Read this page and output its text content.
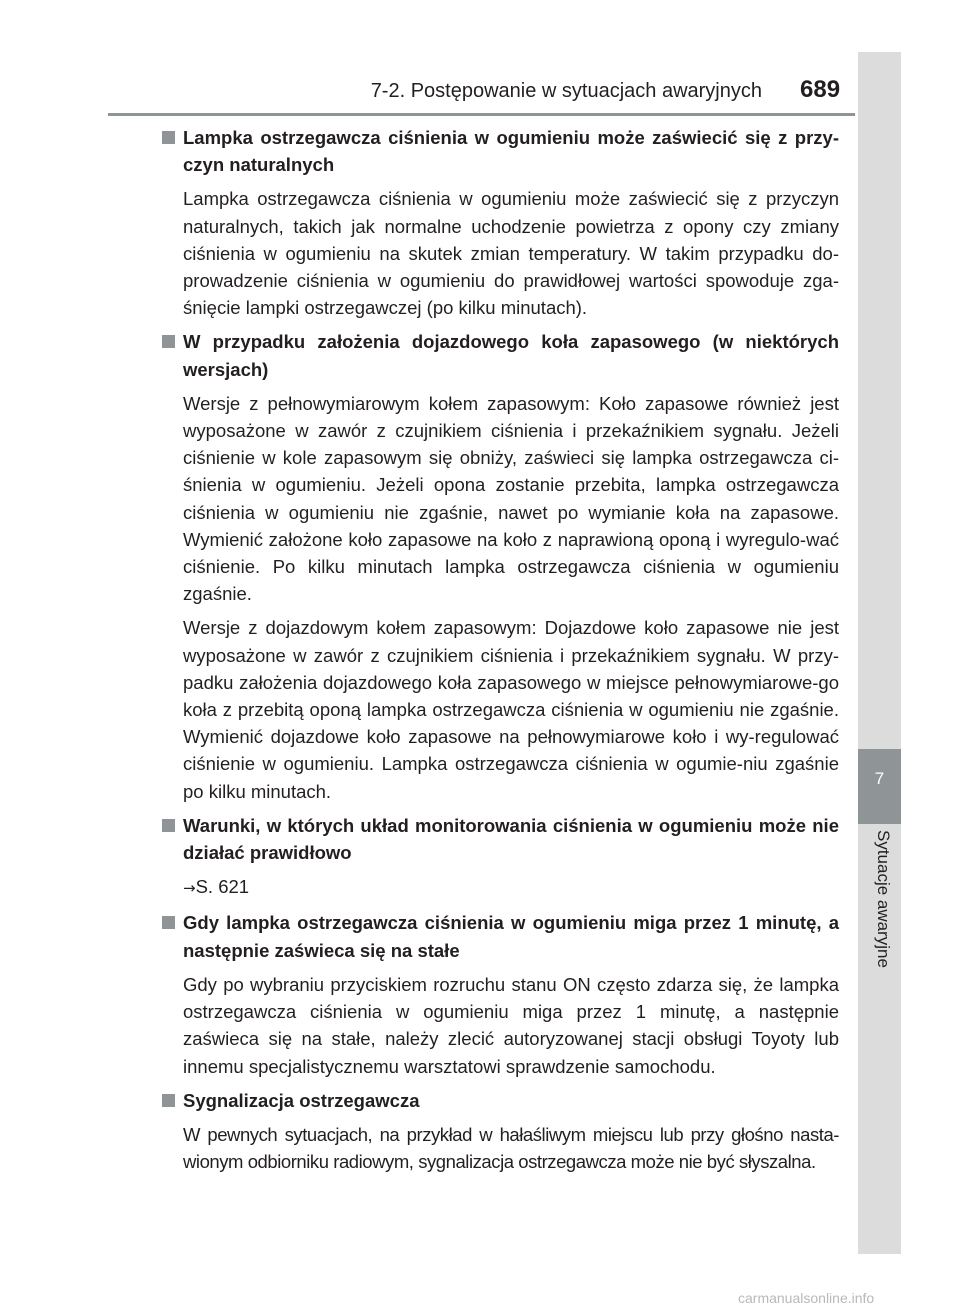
7-2. Postępowanie w sytuacjach awaryjnych 689
7
Sytuacje awaryjne
Lampka ostrzegawcza ciśnienia w ogumieniu może zaświecić się z przy-czyn naturalnych
Lampka ostrzegawcza ciśnienia w ogumieniu może zaświecić się z przyczyn naturalnych, takich jak normalne uchodzenie powietrza z opony czy zmiany ciśnienia w ogumieniu na skutek zmian temperatury. W takim przypadku do-prowadzenie ciśnienia w ogumieniu do prawidłowej wartości spowoduje zga-śnięcie lampki ostrzegawczej (po kilku minutach).
W przypadku założenia dojazdowego koła zapasowego (w niektórych wersjach)
Wersje z pełnowymiarowym kołem zapasowym: Koło zapasowe również jest wyposażone w zawór z czujnikiem ciśnienia i przekaźnikiem sygnału. Jeżeli ciśnienie w kole zapasowym się obniży, zaświeci się lampka ostrzegawcza ci-śnienia w ogumieniu. Jeżeli opona zostanie przebita, lampka ostrzegawcza ciśnienia w ogumieniu nie zgaśnie, nawet po wymianie koła na zapasowe. Wymienić założone koło zapasowe na koło z naprawioną oponą i wyregulo-wać ciśnienie. Po kilku minutach lampka ostrzegawcza ciśnienia w ogumieniu zgaśnie.
Wersje z dojazdowym kołem zapasowym: Dojazdowe koło zapasowe nie jest wyposażone w zawór z czujnikiem ciśnienia i przekaźnikiem sygnału. W przy-padku założenia dojazdowego koła zapasowego w miejsce pełnowymiarowe-go koła z przebitą oponą lampka ostrzegawcza ciśnienia w ogumieniu nie zgaśnie. Wymienić dojazdowe koło zapasowe na pełnowymiarowe koło i wy-regulować ciśnienie w ogumieniu. Lampka ostrzegawcza ciśnienia w ogumie-niu zgaśnie po kilku minutach.
Warunki, w których układ monitorowania ciśnienia w ogumieniu może nie działać prawidłowo
→S. 621
Gdy lampka ostrzegawcza ciśnienia w ogumieniu miga przez 1 minutę, a następnie zaświeca się na stałe
Gdy po wybraniu przyciskiem rozruchu stanu ON często zdarza się, że lampka ostrzegawcza ciśnienia w ogumieniu miga przez 1 minutę, a następnie zaświeca się na stałe, należy zlecić autoryzowanej stacji obsługi Toyoty lub innemu specjalistycznemu warsztatowi sprawdzenie samochodu.
Sygnalizacja ostrzegawcza
W pewnych sytuacjach, na przykład w hałaśliwym miejscu lub przy głośno nasta-wionym odbiorniku radiowym, sygnalizacja ostrzegawcza może nie być słyszalna.
carmanualsonline.info
